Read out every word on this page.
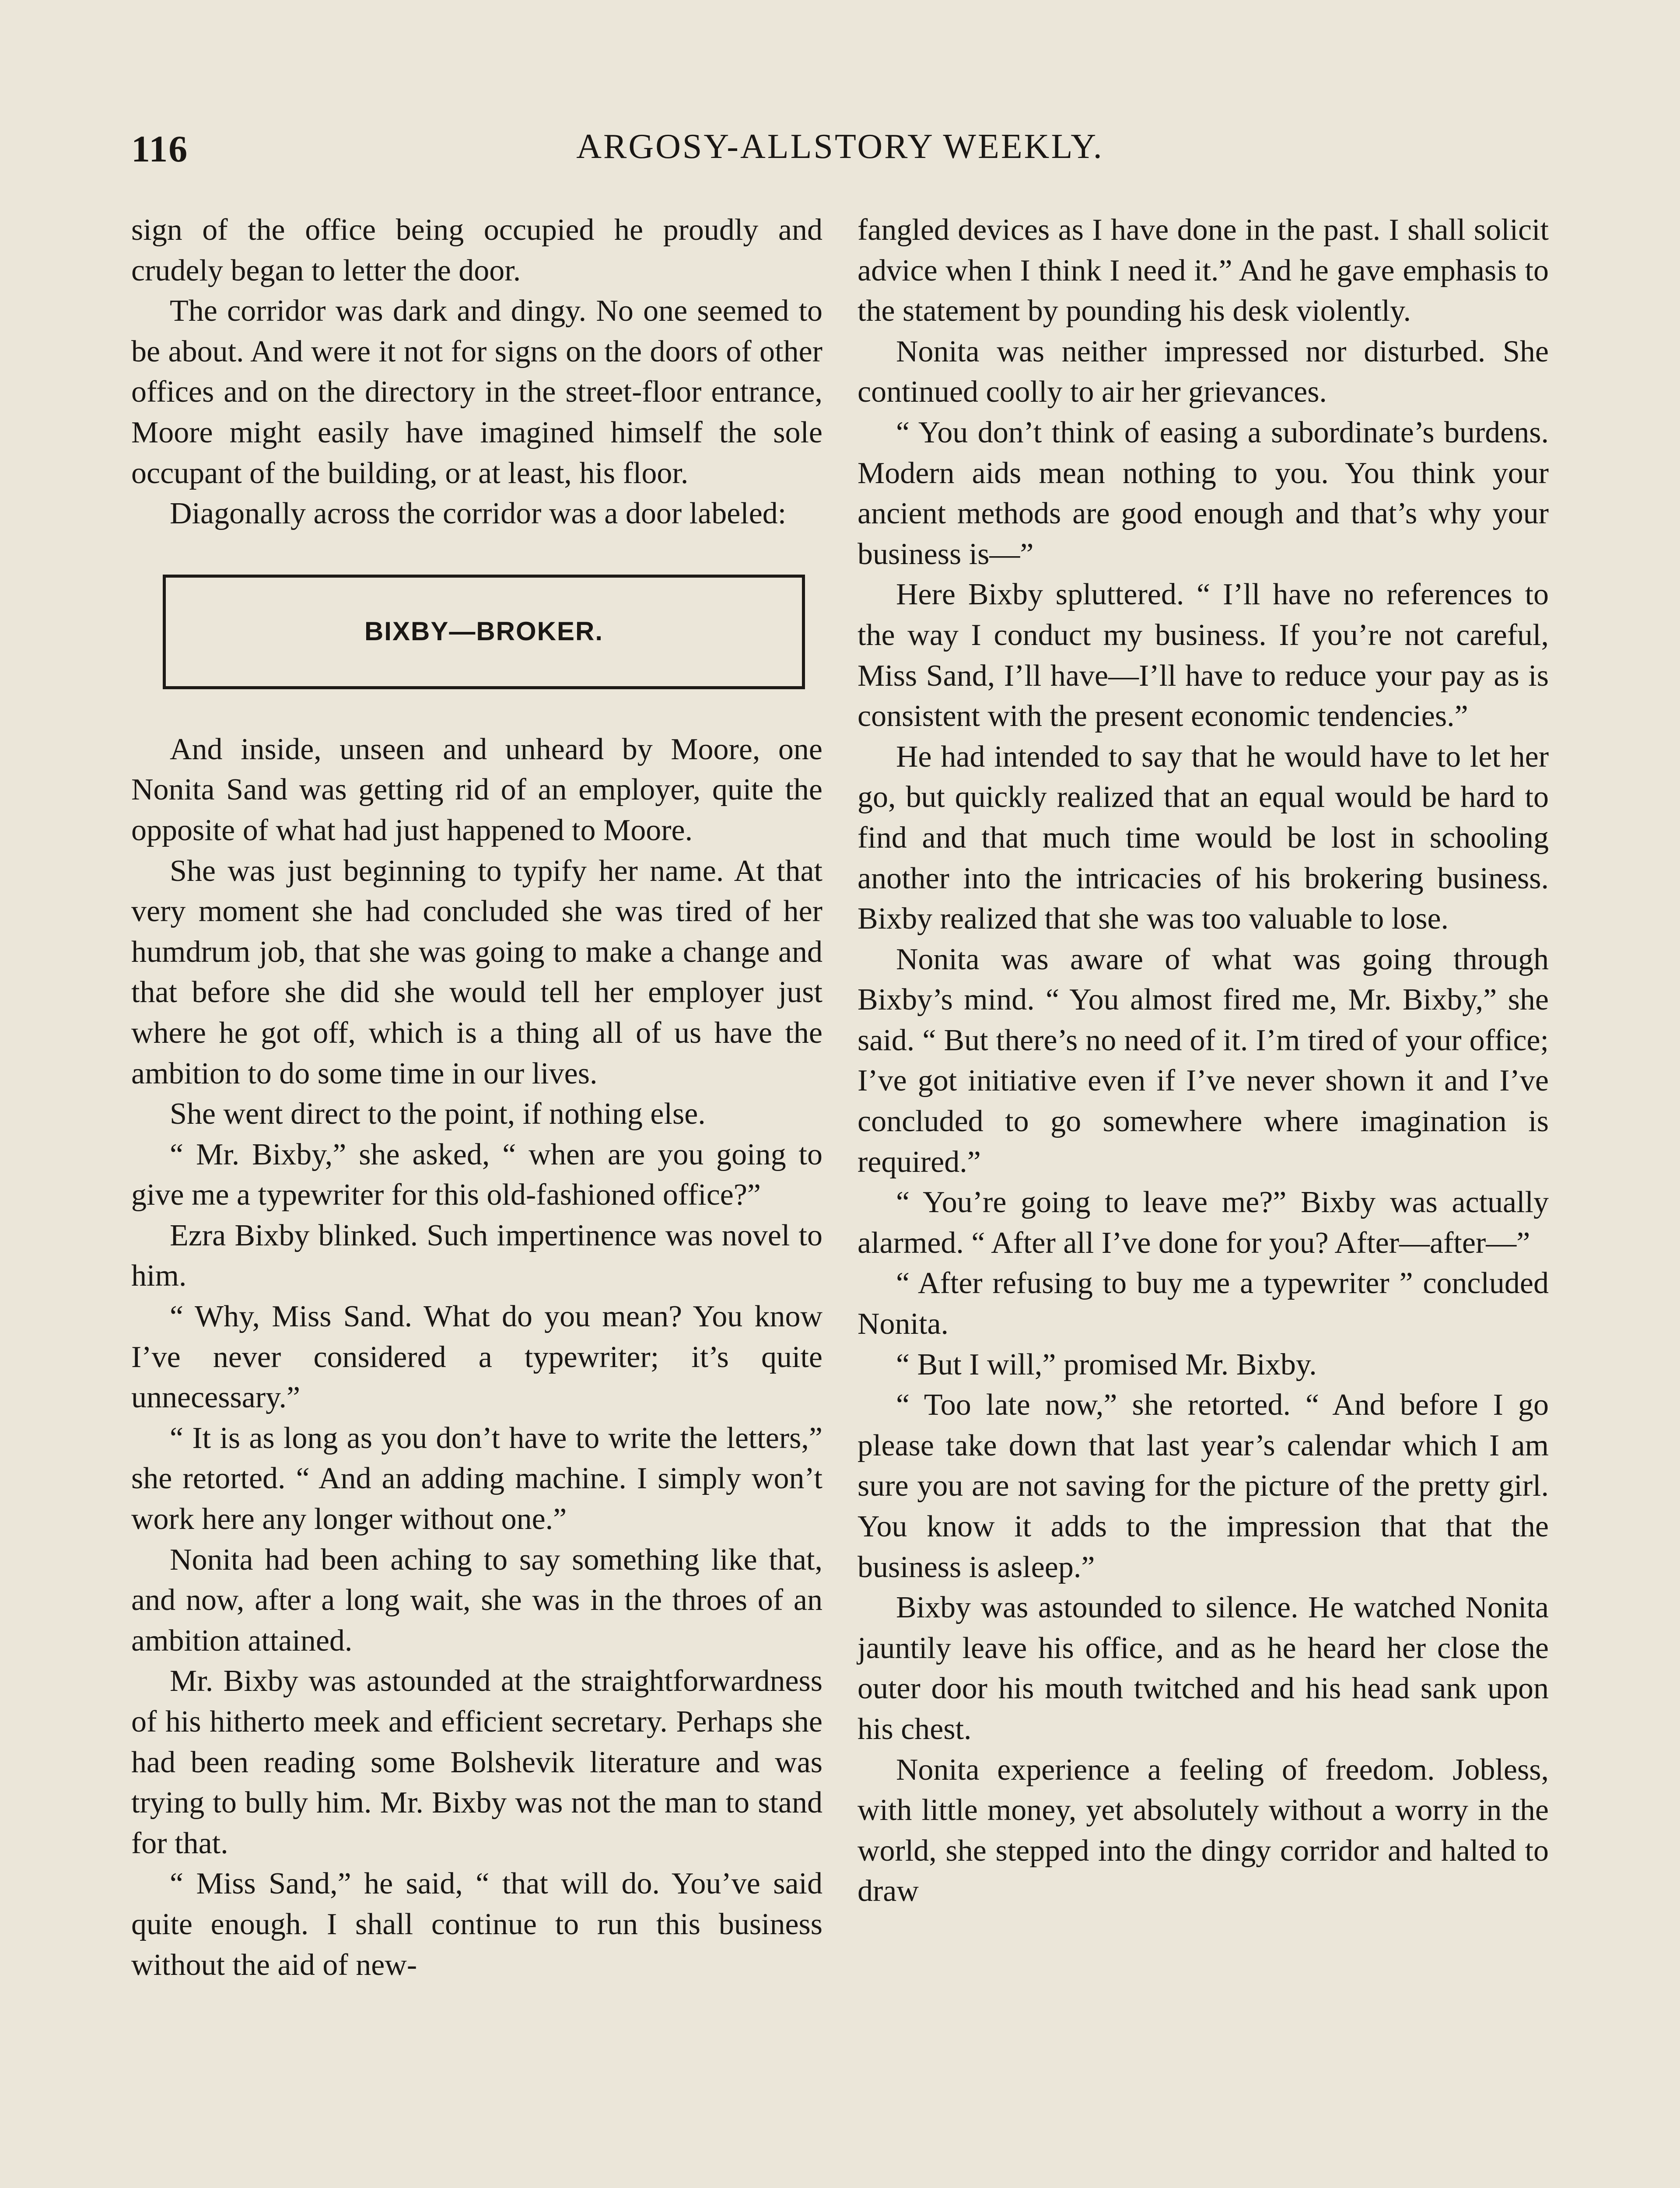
116	ARGOSY-ALLSTORY WEEKLY.

sign of the office being occupied he proudly and crudely began to letter the door.

The corridor was dark and dingy. No one seemed to be about. And were it not for signs on the doors of other offices and on the directory in the street-floor entrance, Moore might easily have imagined himself the sole occupant of the building, or at least, his floor.

Diagonally across the corridor was a door labeled:

BIXBY—BROKER.

And inside, unseen and unheard by Moore, one Nonita Sand was getting rid of an employer, quite the opposite of what had just happened to Moore.

She was just beginning to typify her name. At that very moment she had concluded she was tired of her humdrum job, that she was going to make a change and that before she did she would tell her employer just where he got off, which is a thing all of us have the ambition to do some time in our lives.

She went direct to the point, if nothing else.

“ Mr. Bixby,” she asked, “ when are you going to give me a typewriter for this old-fashioned office?”

Ezra Bixby blinked. Such impertinence was novel to him.

“ Why, Miss Sand. What do you mean? You know I’ve never considered a typewriter; it’s quite unnecessary.”

“ It is as long as you don’t have to write the letters,” she retorted. “ And an adding machine. I simply won’t work here any longer without one.”

Nonita had been aching to say something like that, and now, after a long wait, she was in the throes of an ambition attained.

Mr. Bixby was astounded at the straightforwardness of his hitherto meek and efficient secretary. Perhaps she had been reading some Bolshevik literature and was trying to bully him. Mr. Bixby was not the man to stand for that.

“ Miss Sand,” he said, “ that will do. You’ve said quite enough. I shall continue to run this business without the aid of new-

fangled devices as I have done in the past. I shall solicit advice when I think I need it.” And he gave emphasis to the statement by pounding his desk violently.

Nonita was neither impressed nor disturbed. She continued coolly to air her grievances.

“ You don’t think of easing a subordinate’s burdens. Modern aids mean nothing to you. You think your ancient methods are good enough and that’s why your business is—”

Here Bixby spluttered. “ I’ll have no references to the way I conduct my business. If you’re not careful, Miss Sand, I’ll have—I’ll have to reduce your pay as is consistent with the present economic tendencies.”

He had intended to say that he would have to let her go, but quickly realized that an equal would be hard to find and that much time would be lost in schooling another into the intricacies of his brokering business. Bixby realized that she was too valuable to lose.

Nonita was aware of what was going through Bixby’s mind. “ You almost fired me, Mr. Bixby,” she said. “ But there’s no need of it. I’m tired of your office; I’ve got initiative even if I’ve never shown it and I’ve concluded to go somewhere where imagination is required.”

“ You’re going to leave me?” Bixby was actually alarmed. “ After all I’ve done for you? After—after—”

“ After refusing to buy me a typewriter ” concluded Nonita.

“ But I will,” promised Mr. Bixby.

“ Too late now,” she retorted. “ And before I go please take down that last year’s calendar which I am sure you are not saving for the picture of the pretty girl. You know it adds to the impression that that the business is asleep.”

Bixby was astounded to silence. He watched Nonita jauntily leave his office, and as he heard her close the outer door his mouth twitched and his head sank upon his chest.

Nonita experience a feeling of freedom. Jobless, with little money, yet absolutely without a worry in the world, she stepped into the dingy corridor and halted to draw
